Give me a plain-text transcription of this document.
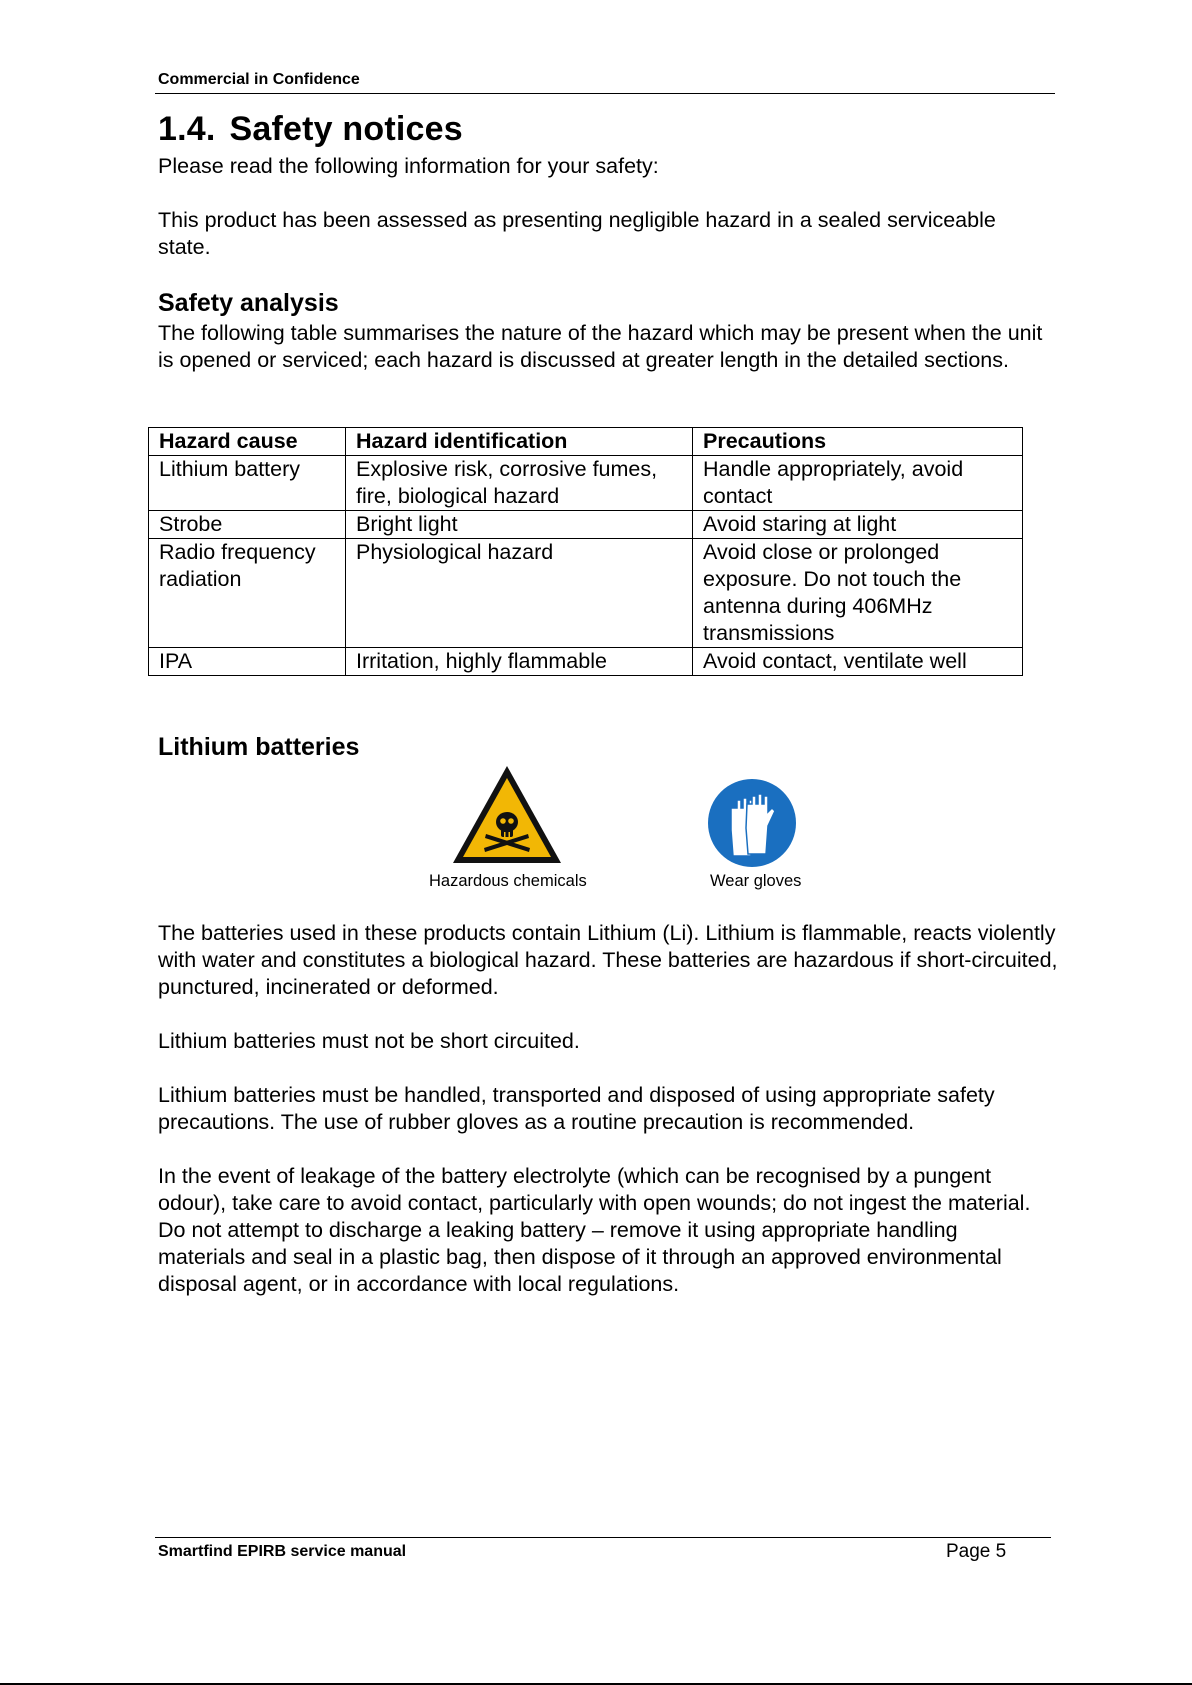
Commercial in Confidence
1.4. Safety notices
Please read the following information for your safety:
This product has been assessed as presenting negligible hazard in a sealed serviceable state.
Safety analysis
The following table summarises the nature of the hazard which may be present when the unit is opened or serviced; each hazard is discussed at greater length in the detailed sections.
Hazard cause	Hazard identification	Precautions
Lithium battery	Explosive risk, corrosive fumes, fire, biological hazard	Handle appropriately, avoid contact
Strobe	Bright light	Avoid staring at light
Radio frequency radiation	Physiological hazard	Avoid close or prolonged exposure. Do not touch the antenna during 406MHz transmissions
IPA	Irritation, highly flammable	Avoid contact, ventilate well
Lithium batteries
Hazardous chemicals	Wear gloves
The batteries used in these products contain Lithium (Li). Lithium is flammable, reacts violently with water and constitutes a biological hazard. These batteries are hazardous if short-circuited, punctured, incinerated or deformed.
Lithium batteries must not be short circuited.
Lithium batteries must be handled, transported and disposed of using appropriate safety precautions. The use of rubber gloves as a routine precaution is recommended.
In the event of leakage of the battery electrolyte (which can be recognised by a pungent odour), take care to avoid contact, particularly with open wounds; do not ingest the material. Do not attempt to discharge a leaking battery – remove it using appropriate handling materials and seal in a plastic bag, then dispose of it through an approved environmental disposal agent, or in accordance with local regulations.
Smartfind EPIRB service manual	Page 5
